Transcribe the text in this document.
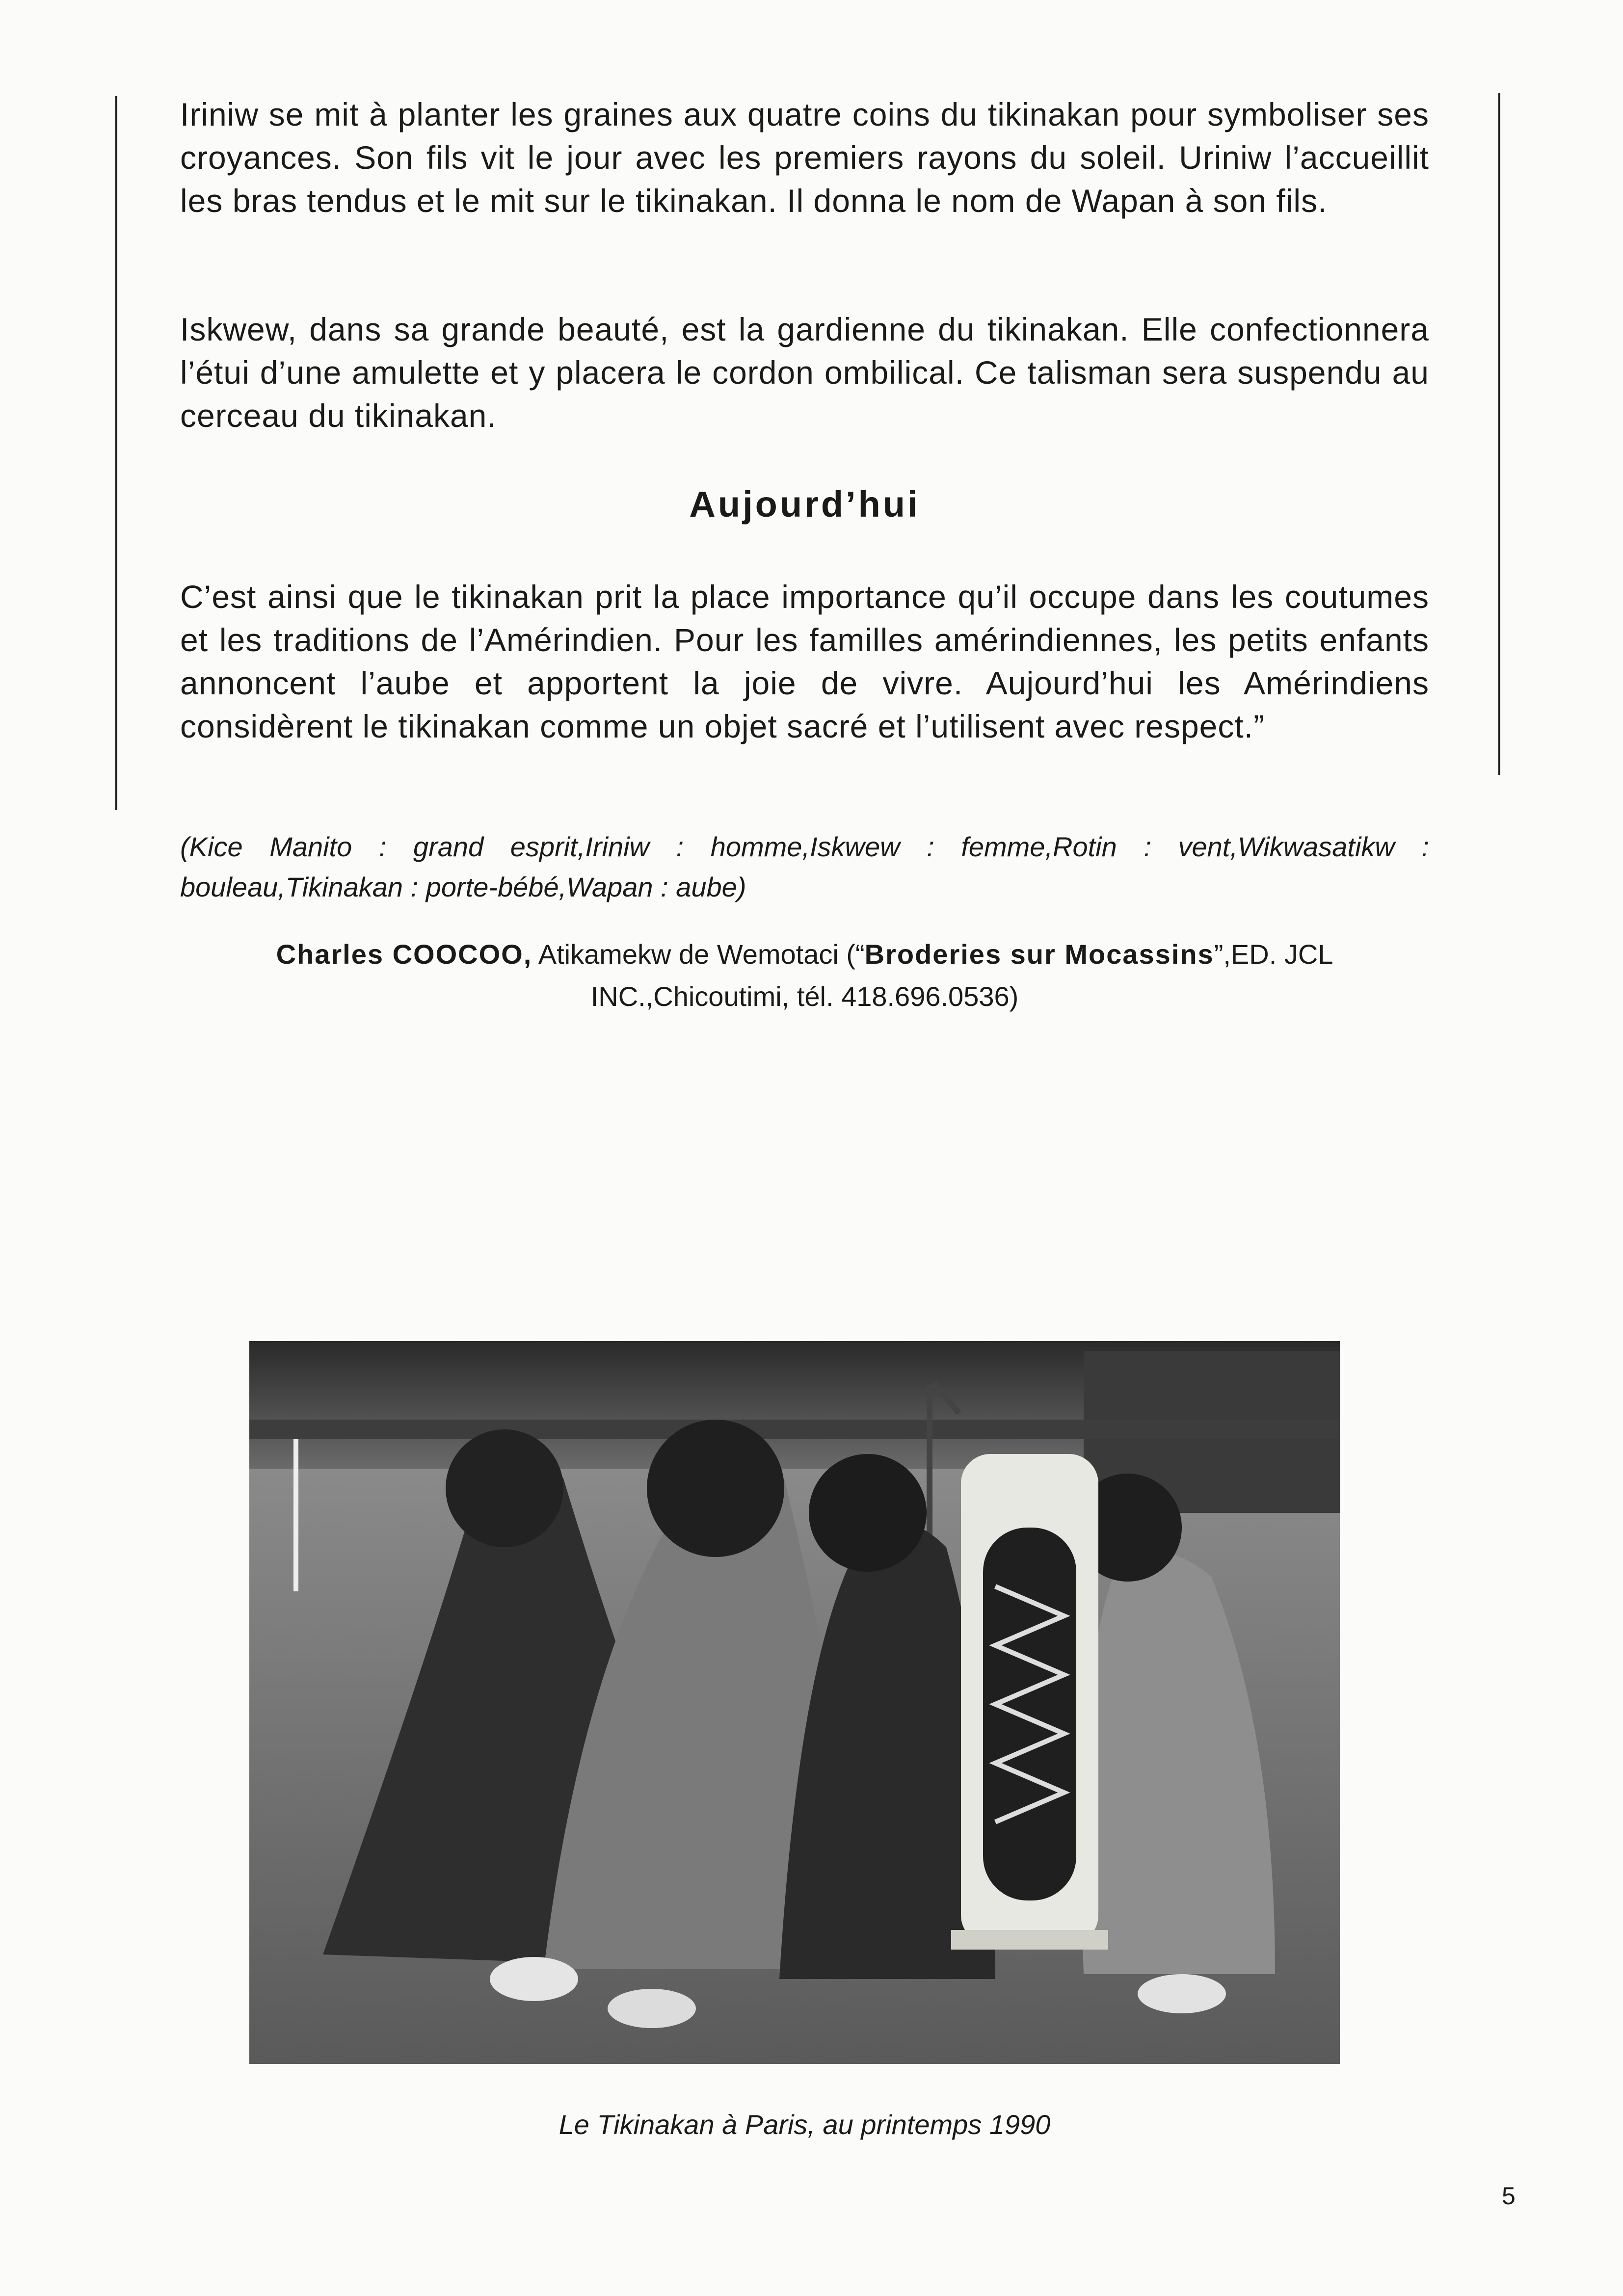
Iriniw se mit à planter les graines aux quatre coins du tikinakan pour symboliser ses croyances. Son fils vit le jour avec les premiers rayons du soleil. Uriniw l’accueillit les bras tendus et le mit sur le tikinakan. Il donna le nom de Wapan à son fils.

Iskwew, dans sa grande beauté, est la gardienne du tikinakan. Elle confectionnera l’étui d’une amulette et y placera le cordon ombilical. Ce talisman sera suspendu au cerceau du tikinakan.

Aujourd’hui

C’est ainsi que le tikinakan prit la place importance qu’il occupe dans les coutumes et les traditions de l’Amérindien. Pour les familles amérindiennes, les petits enfants annoncent l’aube et apportent la joie de vivre. Aujourd’hui les Amérindiens considèrent le tikinakan comme un objet sacré et l’utilisent avec respect.”

(Kice Manito : grand esprit,Iriniw : homme,Iskwew : femme,Rotin : vent,Wikwasatikw : bouleau,Tikinakan : porte-bébé,Wapan : aube)

Charles COOCOO, Atikamekw de Wemotaci (“Broderies sur Mocassins”,ED. JCL INC.,Chicoutimi, tél. 418.696.0536)

Le Tikinakan à Paris, au printemps 1990

5
